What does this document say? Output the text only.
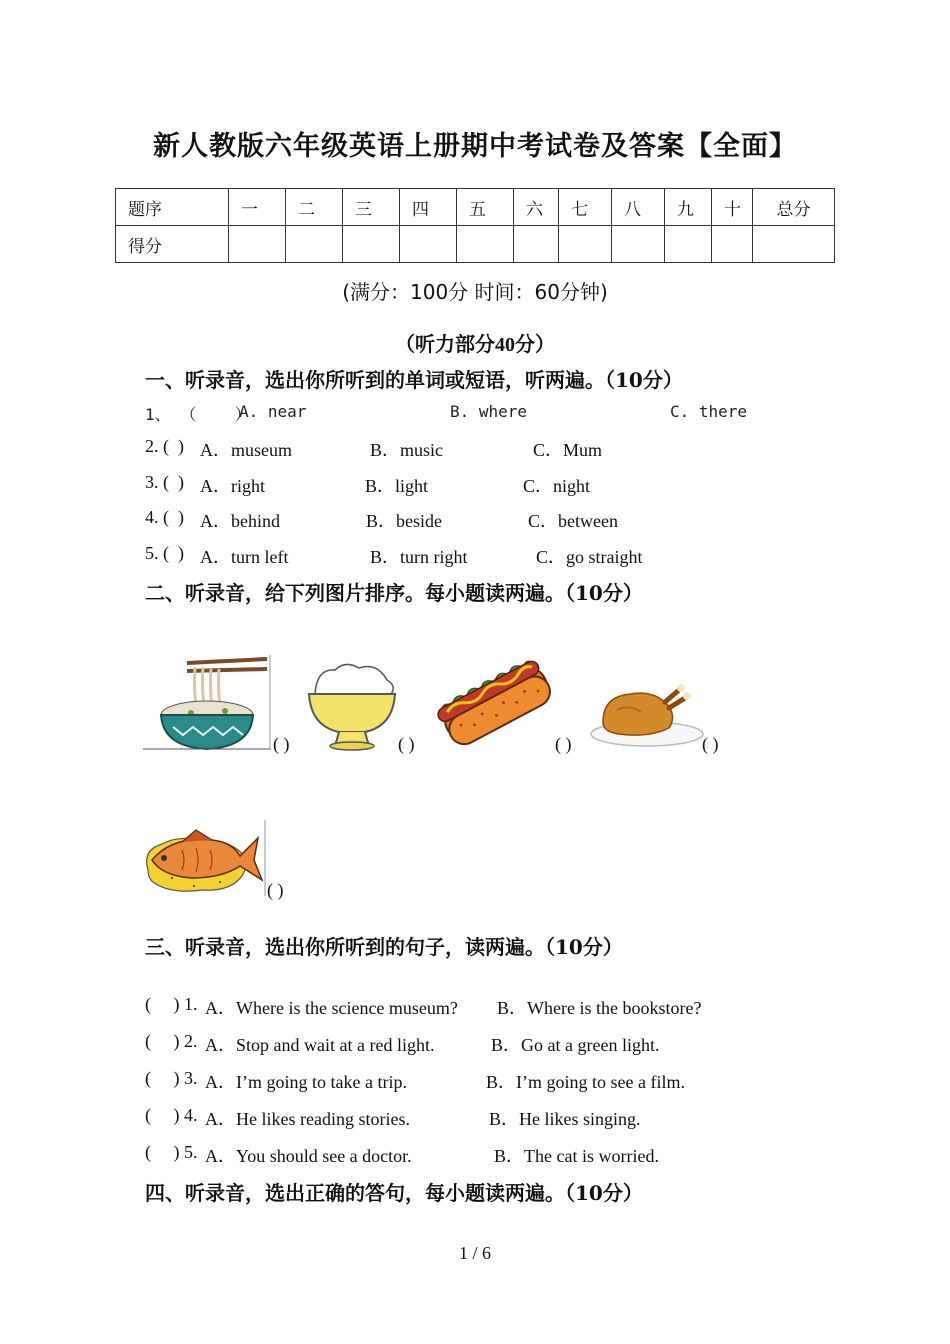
新人教版六年级英语上册期中考试卷及答案【全面】
题序	一	二	三	四	五	六	七	八	九	十	总分
得分											
(满分：100分 时间：60分钟)
（听力部分40分）
一、听录音，选出你所听到的单词或短语，听两遍。（10分）
1、 （    ）
A. near	B. where	C. there
2. (  ) A．museum	B．music	C．Mum
3. (  ) A．right	B．light	C．night
4. (  ) A．behind	B．beside	C．between
5. (  ) A．turn left	B．turn right	C．go straight
二、听录音，给下列图片排序。每小题读两遍。（10分）
( )	( )	( )	( )
( )
三、听录音，选出你所听到的句子，读两遍。（10分）
(     ) 1. A．Where is the science museum? B．Where is the bookstore?
(     ) 2. A．Stop and wait at a red light.	B．Go at a green light.
(     ) 3. A．I’m going to take a trip.	B．I’m going to see a film.
(     ) 4. A．He likes reading stories.	B．He likes singing.
(     ) 5. A．You should see a doctor.	B．The cat is worried.
四、听录音，选出正确的答句，每小题读两遍。（10分）
1 / 6
